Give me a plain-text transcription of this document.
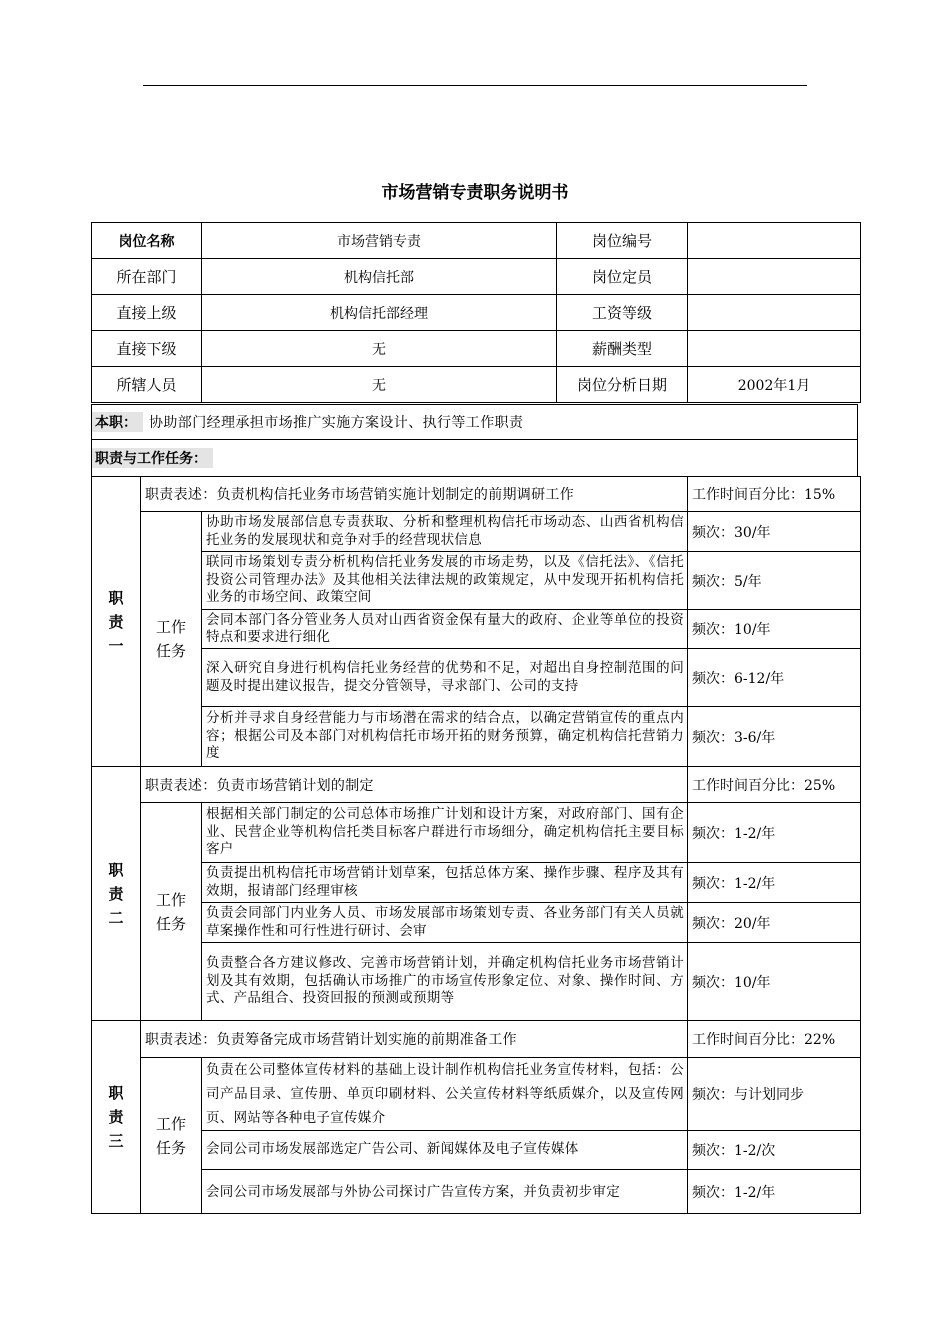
市场营销专责职务说明书
岗位名称	市场营销专责	岗位编号	
所在部门	机构信托部	岗位定员	
直接上级	机构信托部经理	工资等级	
直接下级	无	薪酬类型	
所辖人员	无	岗位分析日期	2002年1月
本职： 协助部门经理承担市场推广实施方案设计、执行等工作职责
职责与工作任务：
职责一	职责表述：负责机构信托业务市场营销实施计划制定的前期调研工作		工作时间百分比：15%
	工作任务	协助市场发展部信息专责获取、分析和整理机构信托市场动态、山西省机构信托业务的发展现状和竞争对手的经营现状信息	频次：30/年
		联同市场策划专责分析机构信托业务发展的市场走势，以及《信托法》、《信托投资公司管理办法》及其他相关法律法规的政策规定，从中发现开拓机构信托业务的市场空间、政策空间	频次：5/年
		会同本部门各分管业务人员对山西省资金保有量大的政府、企业等单位的投资特点和要求进行细化	频次：10/年
		深入研究自身进行机构信托业务经营的优势和不足，对超出自身控制范围的问题及时提出建议报告，提交分管领导，寻求部门、公司的支持	频次：6-12/年
		分析并寻求自身经营能力与市场潜在需求的结合点，以确定营销宣传的重点内容；根据公司及本部门对机构信托市场开拓的财务预算，确定机构信托营销力度	频次：3-6/年
职责二	职责表述：负责市场营销计划的制定		工作时间百分比：25%
	工作任务	根据相关部门制定的公司总体市场推广计划和设计方案，对政府部门、国有企业、民营企业等机构信托类目标客户群进行市场细分，确定机构信托主要目标客户	频次：1-2/年
		负责提出机构信托市场营销计划草案，包括总体方案、操作步骤、程序及其有效期，报请部门经理审核	频次：1-2/年
		负责会同部门内业务人员、市场发展部市场策划专责、各业务部门有关人员就草案操作性和可行性进行研讨、会审	频次：20/年
		负责整合各方建议修改、完善市场营销计划，并确定机构信托业务市场营销计划及其有效期，包括确认市场推广的市场宣传形象定位、对象、操作时间、方式、产品组合、投资回报的预测或预期等	频次：10/年
职责三	职责表述：负责筹备完成市场营销计划实施的前期准备工作		工作时间百分比：22%
	工作任务	负责在公司整体宣传材料的基础上设计制作机构信托业务宣传材料，包括：公司产品目录、宣传册、单页印刷材料、公关宣传材料等纸质媒介，以及宣传网页、网站等各种电子宣传媒介	频次：与计划同步
		会同公司市场发展部选定广告公司、新闻媒体及电子宣传媒体	频次：1-2/次
		会同公司市场发展部与外协公司探讨广告宣传方案，并负责初步审定	频次：1-2/年
